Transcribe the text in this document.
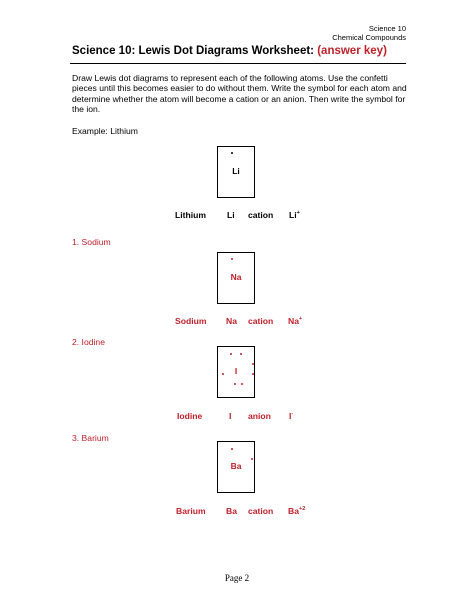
Science 10
Chemical Compounds
Science 10: Lewis Dot Diagrams Worksheet: (answer key)
Draw Lewis dot diagrams to represent each of the following atoms. Use the confetti pieces until this becomes easier to do without them. Write the symbol for each atom and determine whether the atom will become a cation or an anion. Then write the symbol for the ion.
Example: Lithium
Li
Lithium Li cation Li+
1. Sodium
Na
Sodium Na cation Na+
2. Iodine
I
Iodine	I anion I-
3. Barium
Ba
Barium Ba cation $Ba^{+2}$
Page 2
